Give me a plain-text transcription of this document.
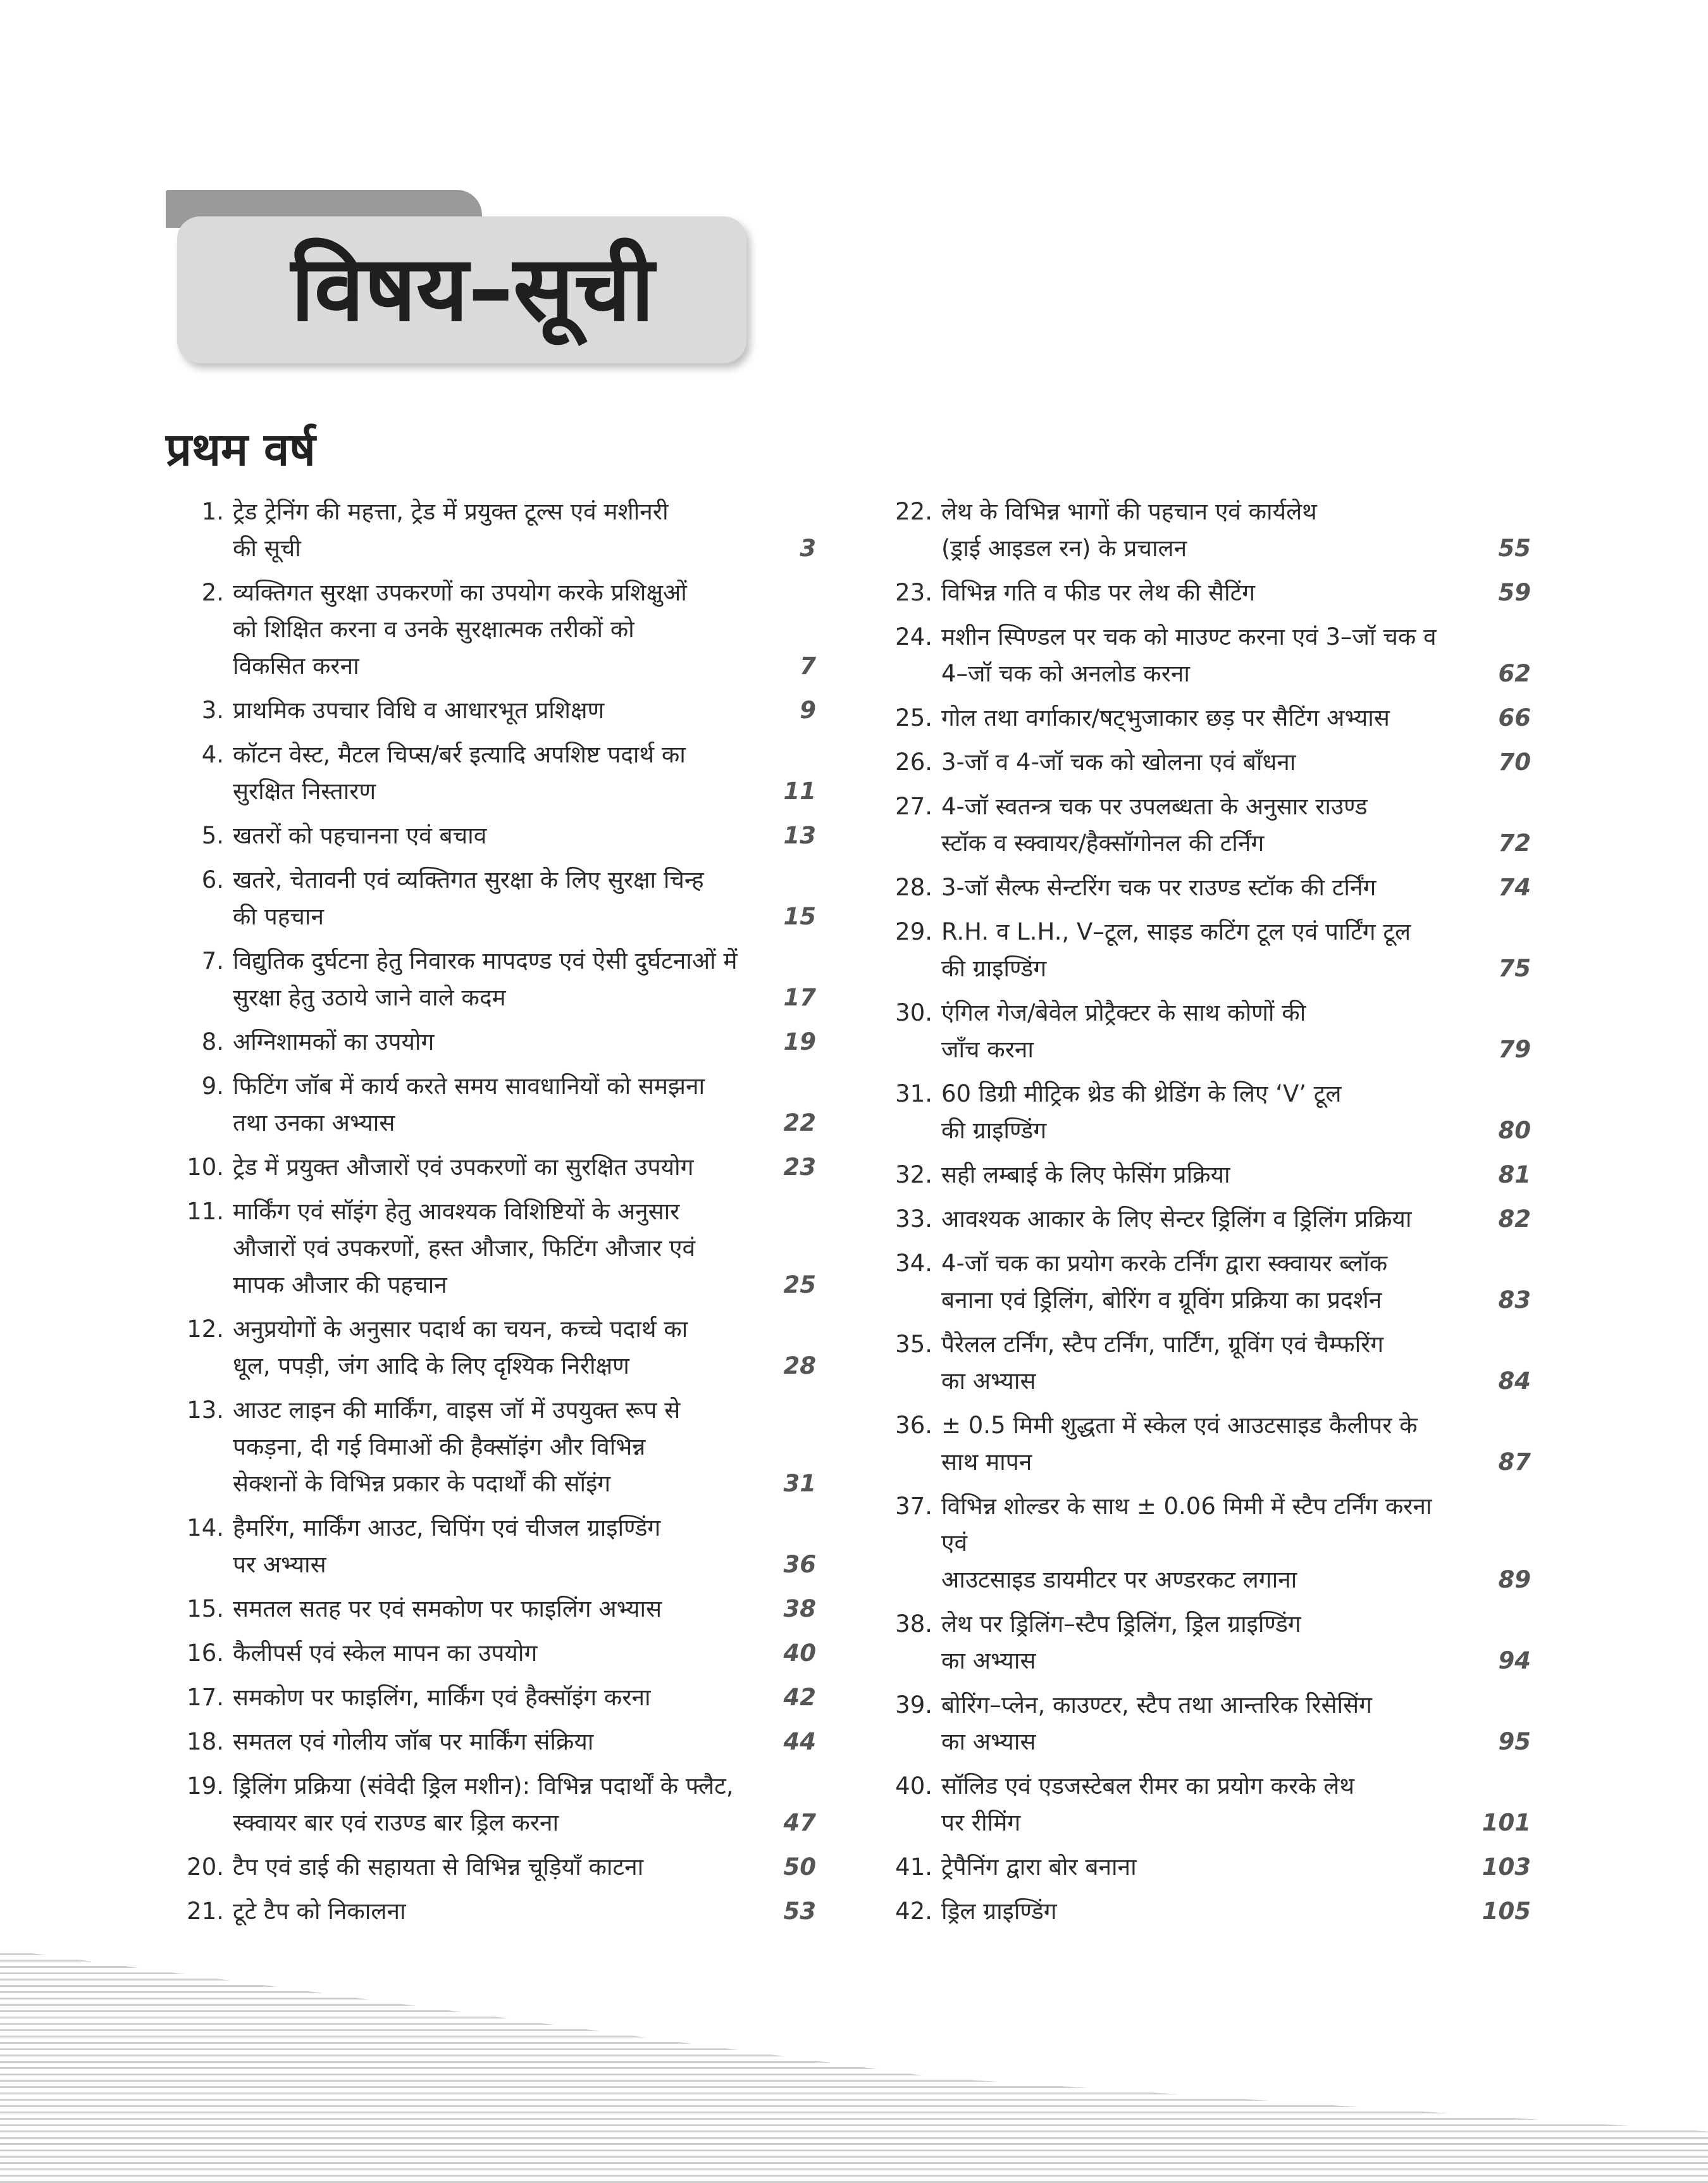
विषय–सूची
प्रथम वर्ष
1. ट्रेड ट्रेनिंग की महत्ता, ट्रेड में प्रयुक्त टूल्स एवं मशीनरी
की सूची	3
2. व्यक्तिगत सुरक्षा उपकरणों का उपयोग करके प्रशिक्षुओं
को शिक्षित करना व उनके सुरक्षात्मक तरीकों को
विकसित करना	7
3. प्राथमिक उपचार विधि व आधारभूत प्रशिक्षण	9
4. कॉटन वेस्ट, मैटल चिप्स/बर्र इत्यादि अपशिष्ट पदार्थ का
सुरक्षित निस्तारण	11
5. खतरों को पहचानना एवं बचाव	13
6. खतरे, चेतावनी एवं व्यक्तिगत सुरक्षा के लिए सुरक्षा चिन्ह
की पहचान	15
7. विद्युतिक दुर्घटना हेतु निवारक मापदण्ड एवं ऐसी दुर्घटनाओं में
सुरक्षा हेतु उठाये जाने वाले कदम	17
8. अग्निशामकों का उपयोग	19
9. फिटिंग जॉब में कार्य करते समय सावधानियों को समझना
तथा उनका अभ्यास	22
10. ट्रेड में प्रयुक्त औजारों एवं उपकरणों का सुरक्षित उपयोग	23
11. मार्किंग एवं सॉइंग हेतु आवश्यक विशिष्टियों के अनुसार
औजारों एवं उपकरणों, हस्त औजार, फिटिंग औजार एवं
मापक औजार की पहचान	25
12. अनुप्रयोगों के अनुसार पदार्थ का चयन, कच्चे पदार्थ का
धूल, पपड़ी, जंग आदि के लिए दृश्यिक निरीक्षण	28
13. आउट लाइन की मार्किंग, वाइस जॉ में उपयुक्त रूप से
पकड़ना, दी गई विमाओं की हैक्सॉइंग और विभिन्न
सेक्शनों के विभिन्न प्रकार के पदार्थों की सॉइंग	31
14. हैमरिंग, मार्किंग आउट, चिपिंग एवं चीजल ग्राइण्डिंग
पर अभ्यास	36
15. समतल सतह पर एवं समकोण पर फाइलिंग अभ्यास	38
16. कैलीपर्स एवं स्केल मापन का उपयोग	40
17. समकोण पर फाइलिंग, मार्किंग एवं हैक्सॉइंग करना	42
18. समतल एवं गोलीय जॉब पर मार्किंग संक्रिया	44
19. ड्रिलिंग प्रक्रिया (संवेदी ड्रिल मशीन): विभिन्न पदार्थों के फ्लैट,
स्क्वायर बार एवं राउण्ड बार ड्रिल करना	47
20. टैप एवं डाई की सहायता से विभिन्न चूड़ियाँ काटना	50
21. टूटे टैप को निकालना	53
22. लेथ के विभिन्न भागों की पहचान एवं कार्यलेथ
(ड्राई आइडल रन) के प्रचालन	55
23. विभिन्न गति व फीड पर लेथ की सैटिंग	59
24. मशीन स्पिण्डल पर चक को माउण्ट करना एवं 3–जॉ चक व
4–जॉ चक को अनलोड करना	62
25. गोल तथा वर्गाकार/षट्भुजाकार छड़ पर सैटिंग अभ्यास	66
26. 3-जॉ व 4-जॉ चक को खोलना एवं बाँधना	70
27. 4-जॉ स्वतन्त्र चक पर उपलब्धता के अनुसार राउण्ड
स्टॉक व स्क्वायर/हैक्सॉगोनल की टर्निंग	72
28. 3-जॉ सैल्फ सेन्टरिंग चक पर राउण्ड स्टॉक की टर्निंग	74
29. R.H. व L.H., V–टूल, साइड कटिंग टूल एवं पार्टिंग टूल
की ग्राइण्डिंग	75
30. एंगिल गेज/बेवेल प्रोट्रैक्टर के साथ कोणों की
जाँच करना	79
31. 60 डिग्री मीट्रिक थ्रेड की थ्रेडिंग के लिए ‘V’ टूल
की ग्राइण्डिंग	80
32. सही लम्बाई के लिए फेसिंग प्रक्रिया	81
33. आवश्यक आकार के लिए सेन्टर ड्रिलिंग व ड्रिलिंग प्रक्रिया	82
34. 4-जॉ चक का प्रयोग करके टर्निंग द्वारा स्क्वायर ब्लॉक
बनाना एवं ड्रिलिंग, बोरिंग व ग्रूविंग प्रक्रिया का प्रदर्शन	83
35. पैरेलल टर्निंग, स्टैप टर्निंग, पार्टिंग, ग्रूविंग एवं चैम्फरिंग
का अभ्यास	84
36. ± 0.5 मिमी शुद्धता में स्केल एवं आउटसाइड कैलीपर के
साथ मापन	87
37. विभिन्न शोल्डर के साथ ± 0.06 मिमी में स्टैप टर्निंग करना एवं
आउटसाइड डायमीटर पर अण्डरकट लगाना	89
38. लेथ पर ड्रिलिंग–स्टैप ड्रिलिंग, ड्रिल ग्राइण्डिंग
का अभ्यास	94
39. बोरिंग–प्लेन, काउण्टर, स्टैप तथा आन्तरिक रिसेसिंग
का अभ्यास	95
40. सॉलिड एवं एडजस्टेबल रीमर का प्रयोग करके लेथ
पर रीमिंग	101
41. ट्रेपैनिंग द्वारा बोर बनाना	103
42. ड्रिल ग्राइण्डिंग	105
